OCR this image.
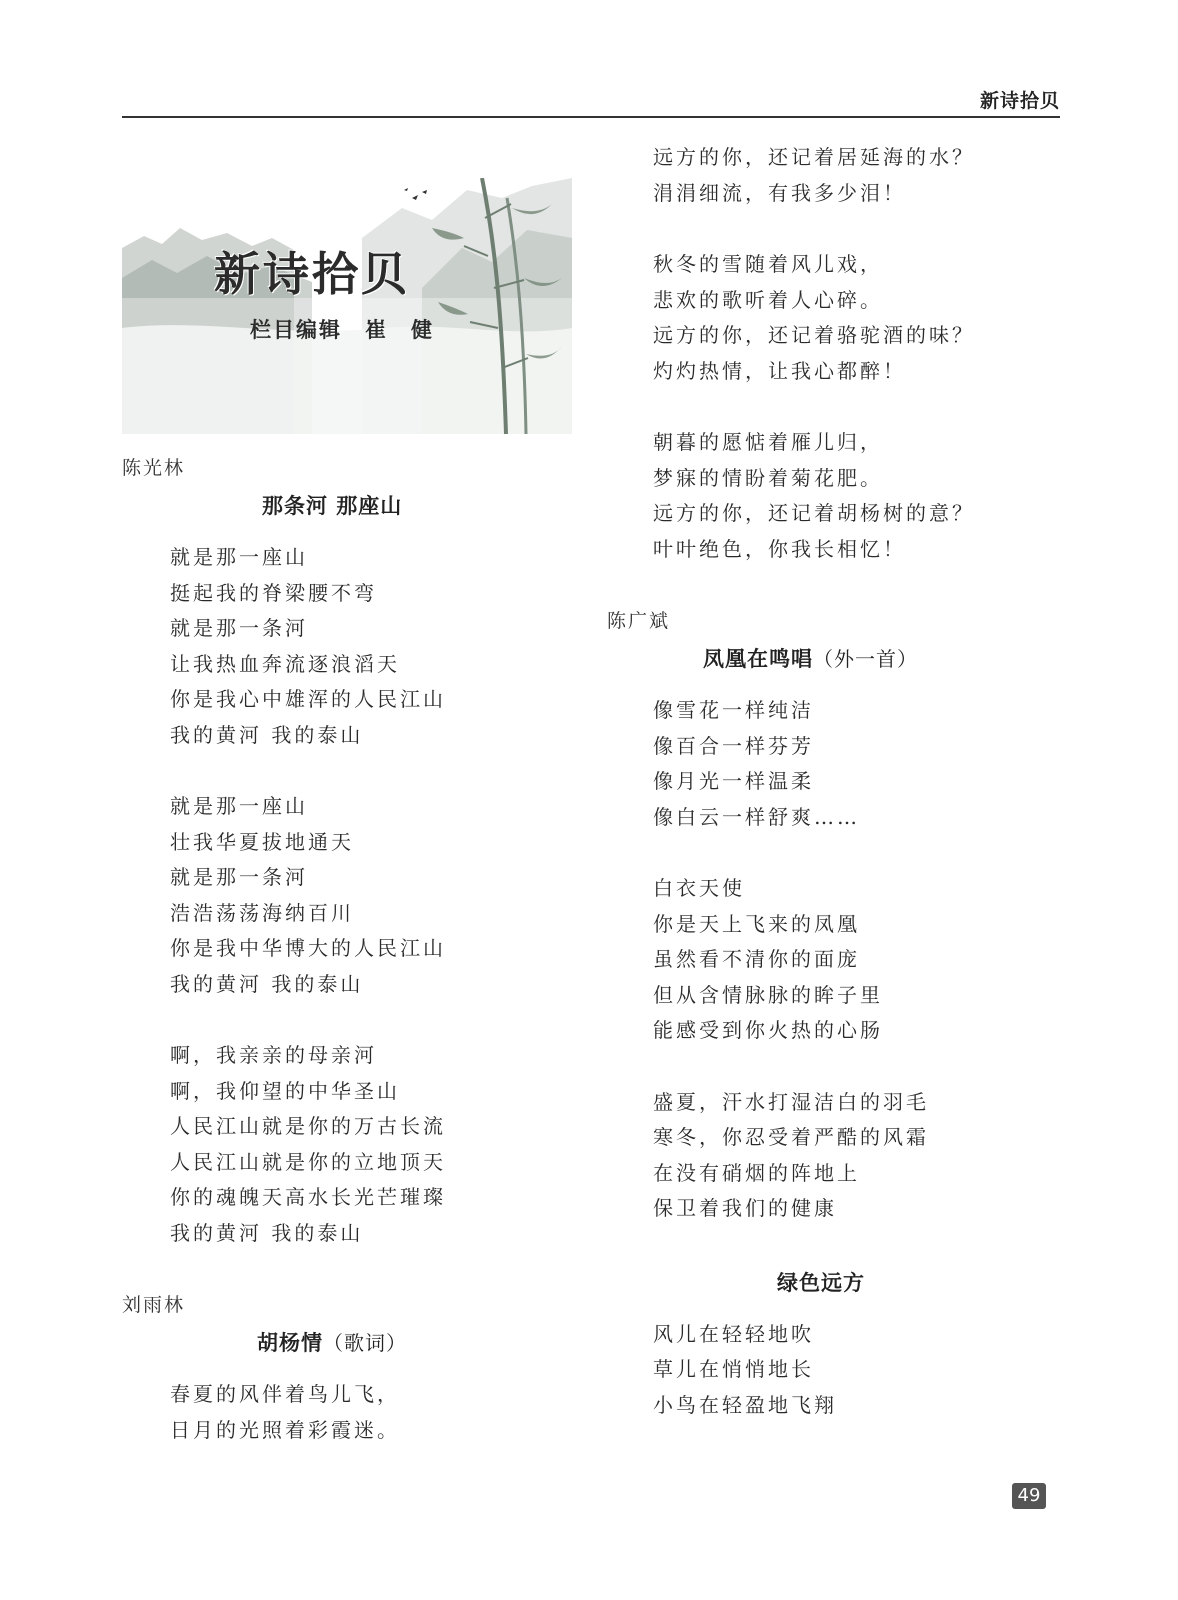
新诗拾贝
新诗拾贝
栏目编辑　崔　健
陈光林
那条河 那座山
就是那一座山
挺起我的脊梁腰不弯
就是那一条河
让我热血奔流逐浪滔天
你是我心中雄浑的人民江山
我的黄河 我的泰山
就是那一座山
壮我华夏拔地通天
就是那一条河
浩浩荡荡海纳百川
你是我中华博大的人民江山
我的黄河 我的泰山
啊，我亲亲的母亲河
啊，我仰望的中华圣山
人民江山就是你的万古长流
人民江山就是你的立地顶天
你的魂魄天高水长光芒璀璨
我的黄河 我的泰山
刘雨林
胡杨情（歌词）
春夏的风伴着鸟儿飞，
日月的光照着彩霞迷。
远方的你，还记着居延海的水？
涓涓细流，有我多少泪！
秋冬的雪随着风儿戏，
悲欢的歌听着人心碎。
远方的你，还记着骆驼酒的味？
灼灼热情，让我心都醉！
朝暮的愿惦着雁儿归，
梦寐的情盼着菊花肥。
远方的你，还记着胡杨树的意？
叶叶绝色，你我长相忆！
陈广斌
凤凰在鸣唱（外一首）
像雪花一样纯洁
像百合一样芬芳
像月光一样温柔
像白云一样舒爽……
白衣天使
你是天上飞来的凤凰
虽然看不清你的面庞
但从含情脉脉的眸子里
能感受到你火热的心肠
盛夏，汗水打湿洁白的羽毛
寒冬，你忍受着严酷的风霜
在没有硝烟的阵地上
保卫着我们的健康
绿色远方
风儿在轻轻地吹
草儿在悄悄地长
小鸟在轻盈地飞翔
49
